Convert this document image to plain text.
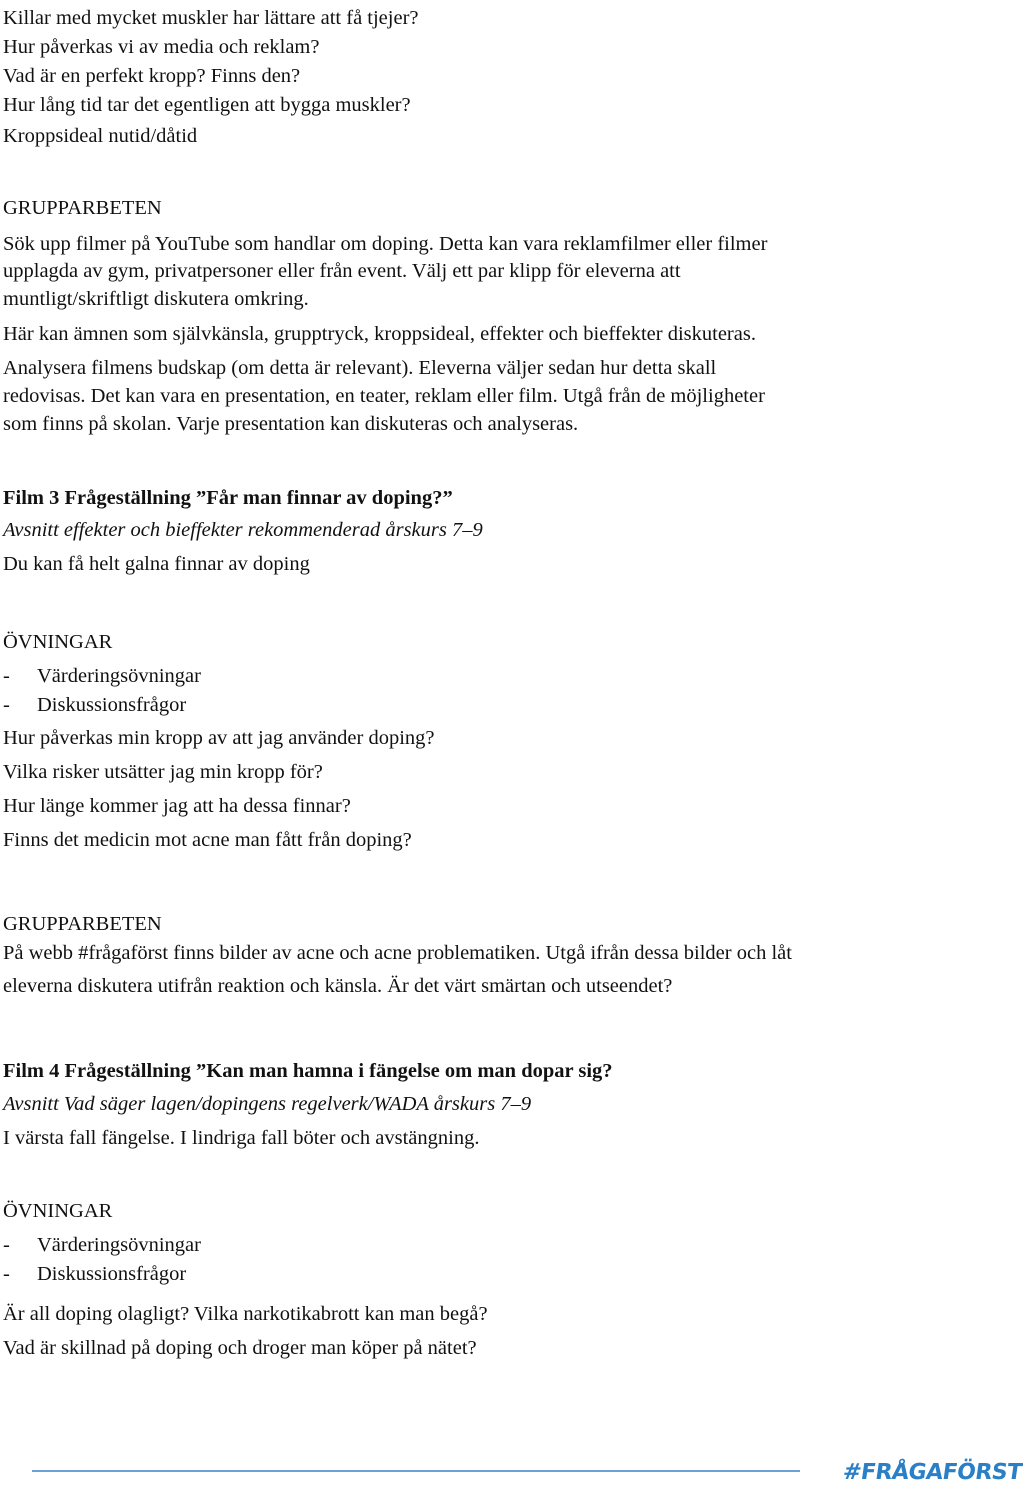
Killar med mycket muskler har lättare att få tjejer?
Hur påverkas vi av media och reklam?
Vad är en perfekt kropp? Finns den?
Hur lång tid tar det egentligen att bygga muskler?
Kroppsideal nutid/dåtid
GRUPPARBETEN
Sök upp filmer på YouTube som handlar om doping. Detta kan vara reklamfilmer eller filmer
upplagda av gym, privatpersoner eller från event. Välj ett par klipp för eleverna att
muntligt/skriftligt diskutera omkring.
Här kan ämnen som självkänsla, grupptryck, kroppsideal, effekter och bieffekter diskuteras.
Analysera filmens budskap (om detta är relevant). Eleverna väljer sedan hur detta skall
redovisas. Det kan vara en presentation, en teater, reklam eller film. Utgå från de möjligheter
som finns på skolan. Varje presentation kan diskuteras och analyseras.
Film 3 Frågeställning ”Får man finnar av doping?”
Avsnitt effekter och bieffekter rekommenderad årskurs 7–9
Du kan få helt galna finnar av doping
ÖVNINGAR
- Värderingsövningar
- Diskussionsfrågor
Hur påverkas min kropp av att jag använder doping?
Vilka risker utsätter jag min kropp för?
Hur länge kommer jag att ha dessa finnar?
Finns det medicin mot acne man fått från doping?
GRUPPARBETEN
På webb #frågaförst finns bilder av acne och acne problematiken. Utgå ifrån dessa bilder och låt
eleverna diskutera utifrån reaktion och känsla. Är det värt smärtan och utseendet?
Film 4 Frågeställning ”Kan man hamna i fängelse om man dopar sig?
Avsnitt Vad säger lagen/dopingens regelverk/WADA årskurs 7–9
I värsta fall fängelse. I lindriga fall böter och avstängning.
ÖVNINGAR
- Värderingsövningar
- Diskussionsfrågor
Är all doping olagligt? Vilka narkotikabrott kan man begå?
Vad är skillnad på doping och droger man köper på nätet?
#FRÅGAFÖRST
